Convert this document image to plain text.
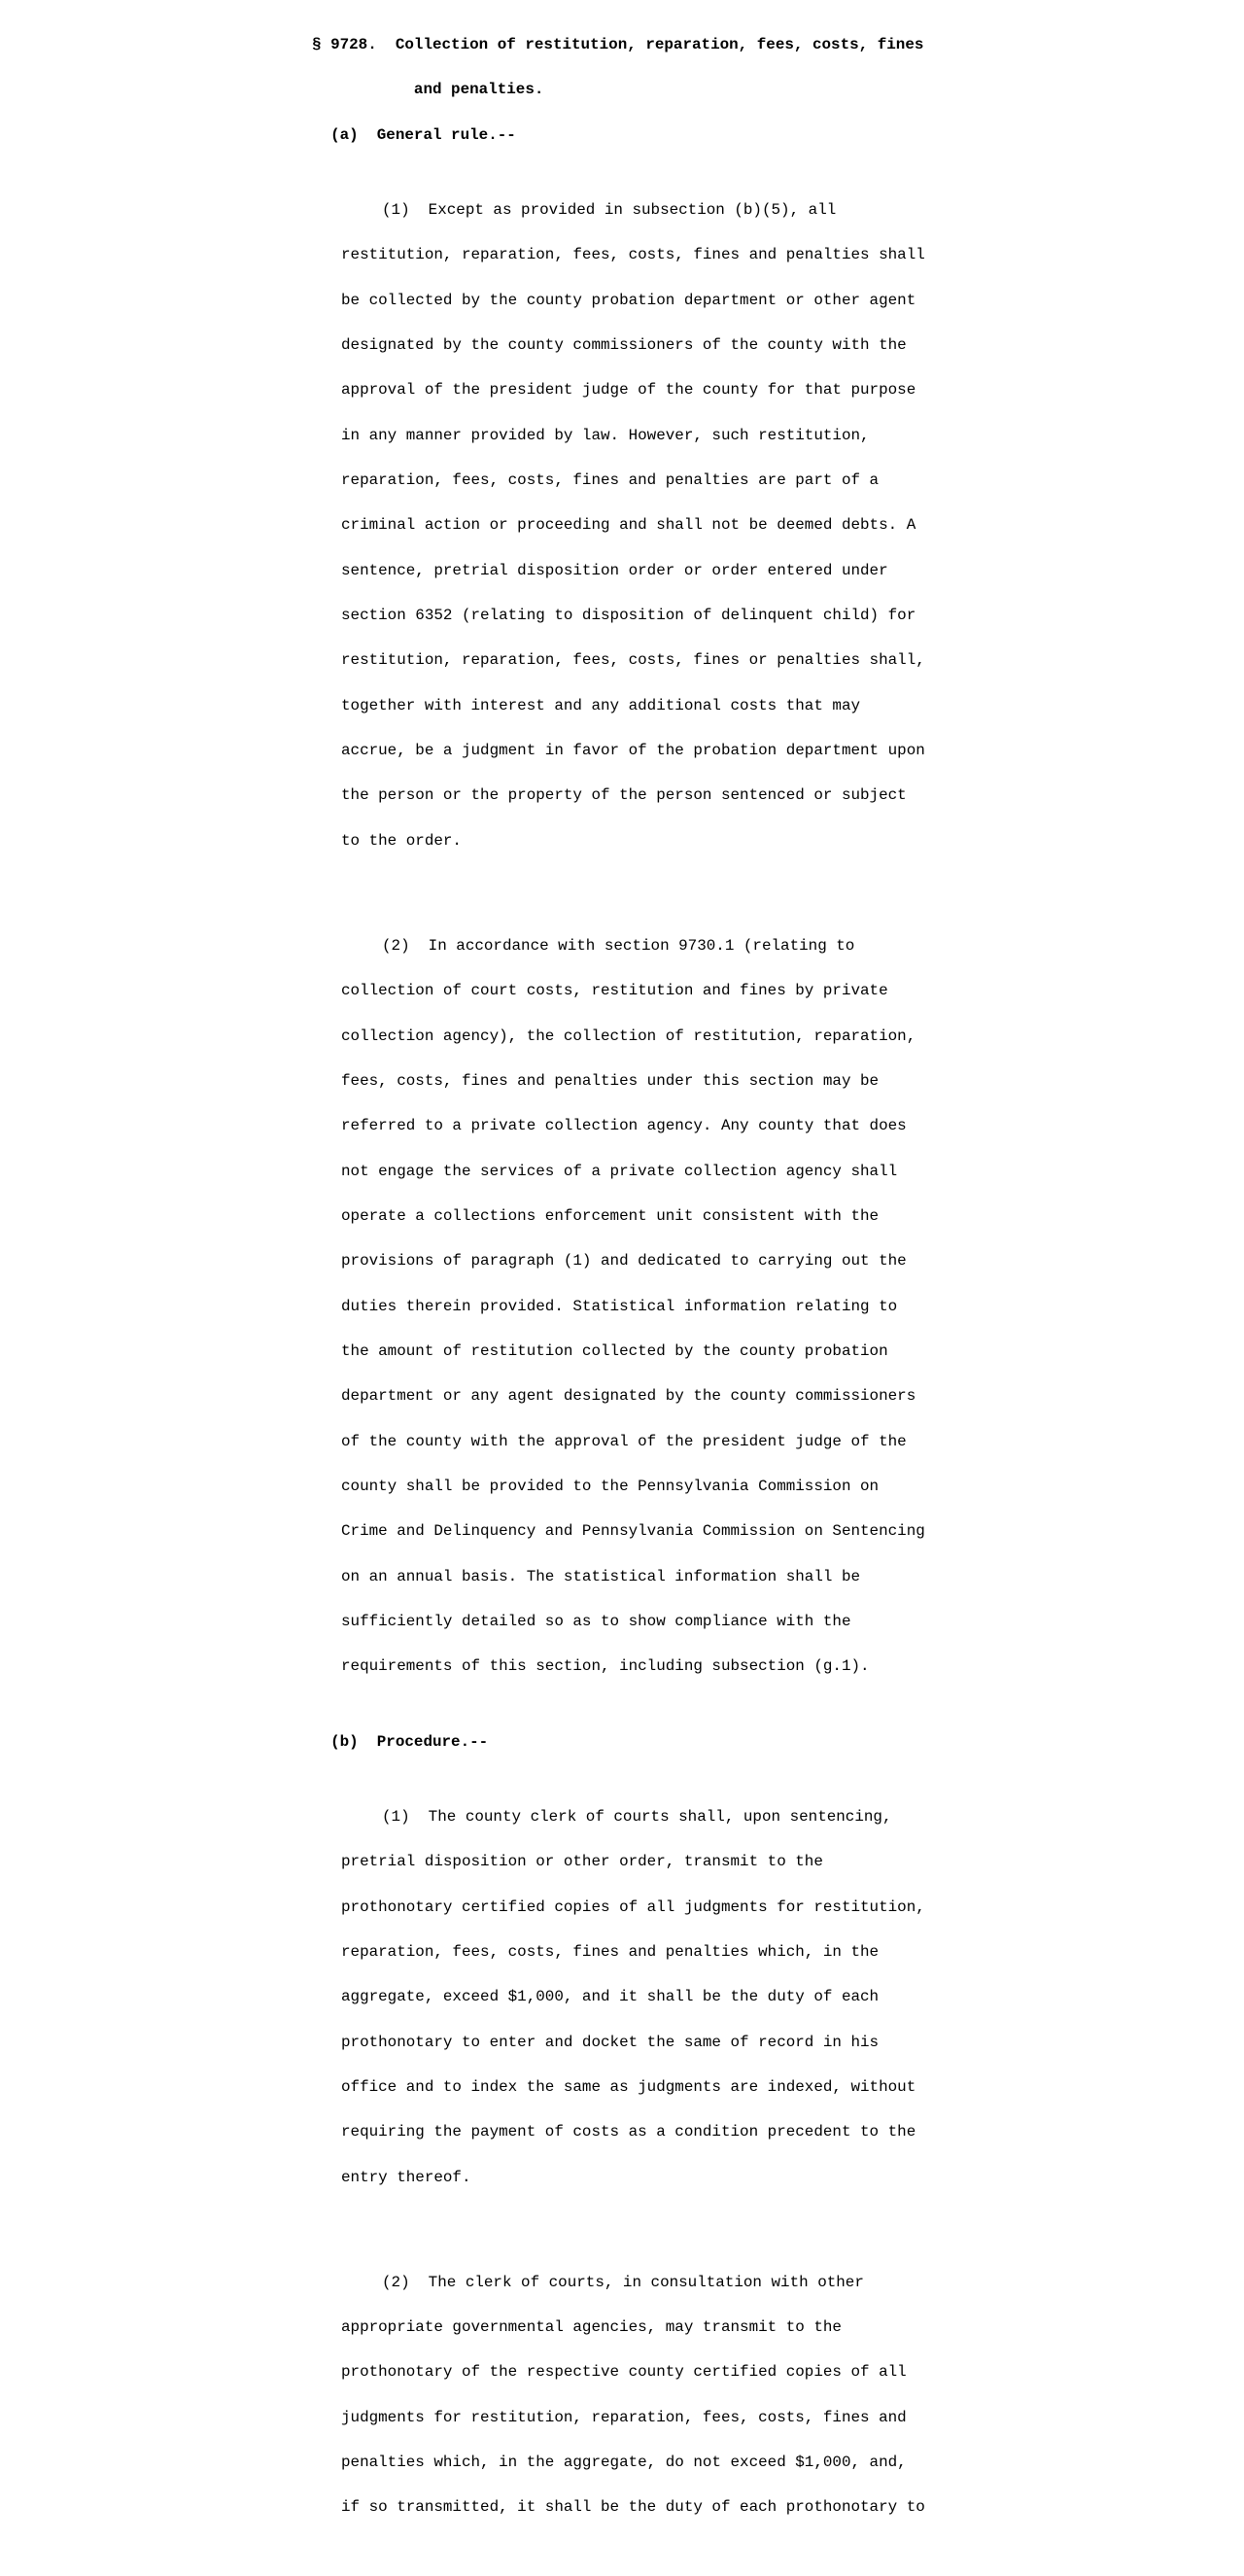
§ 9728. Collection of restitution, reparation, fees, costs, fines

and penalties.

(a) General rule.--

(1)  Except as provided in subsection (b)(5), all

restitution, reparation, fees, costs, fines and penalties shall

be collected by the county probation department or other agent

designated by the county commissioners of the county with the

approval of the president judge of the county for that purpose

in any manner provided by law. However, such restitution,

reparation, fees, costs, fines and penalties are part of a

criminal action or proceeding and shall not be deemed debts. A

sentence, pretrial disposition order or order entered under

section 6352 (relating to disposition of delinquent child) for

restitution, reparation, fees, costs, fines or penalties shall,

together with interest and any additional costs that may

accrue, be a judgment in favor of the probation department upon

the person or the property of the person sentenced or subject

to the order.

(2)  In accordance with section 9730.1 (relating to

collection of court costs, restitution and fines by private

collection agency), the collection of restitution, reparation,

fees, costs, fines and penalties under this section may be

referred to a private collection agency. Any county that does

not engage the services of a private collection agency shall

operate a collections enforcement unit consistent with the

provisions of paragraph (1) and dedicated to carrying out the

duties therein provided. Statistical information relating to

the amount of restitution collected by the county probation

department or any agent designated by the county commissioners

of the county with the approval of the president judge of the

county shall be provided to the Pennsylvania Commission on

Crime and Delinquency and Pennsylvania Commission on Sentencing

on an annual basis. The statistical information shall be

sufficiently detailed so as to show compliance with the

requirements of this section, including subsection (g.1).

(b) Procedure.--

(1)  The county clerk of courts shall, upon sentencing,

pretrial disposition or other order, transmit to the

prothonotary certified copies of all judgments for restitution,

reparation, fees, costs, fines and penalties which, in the

aggregate, exceed $1,000, and it shall be the duty of each

prothonotary to enter and docket the same of record in his

office and to index the same as judgments are indexed, without

requiring the payment of costs as a condition precedent to the

entry thereof.

(2)  The clerk of courts, in consultation with other

appropriate governmental agencies, may transmit to the

prothonotary of the respective county certified copies of all

judgments for restitution, reparation, fees, costs, fines and

penalties which, in the aggregate, do not exceed $1,000, and,

if so transmitted, it shall be the duty of each prothonotary to
